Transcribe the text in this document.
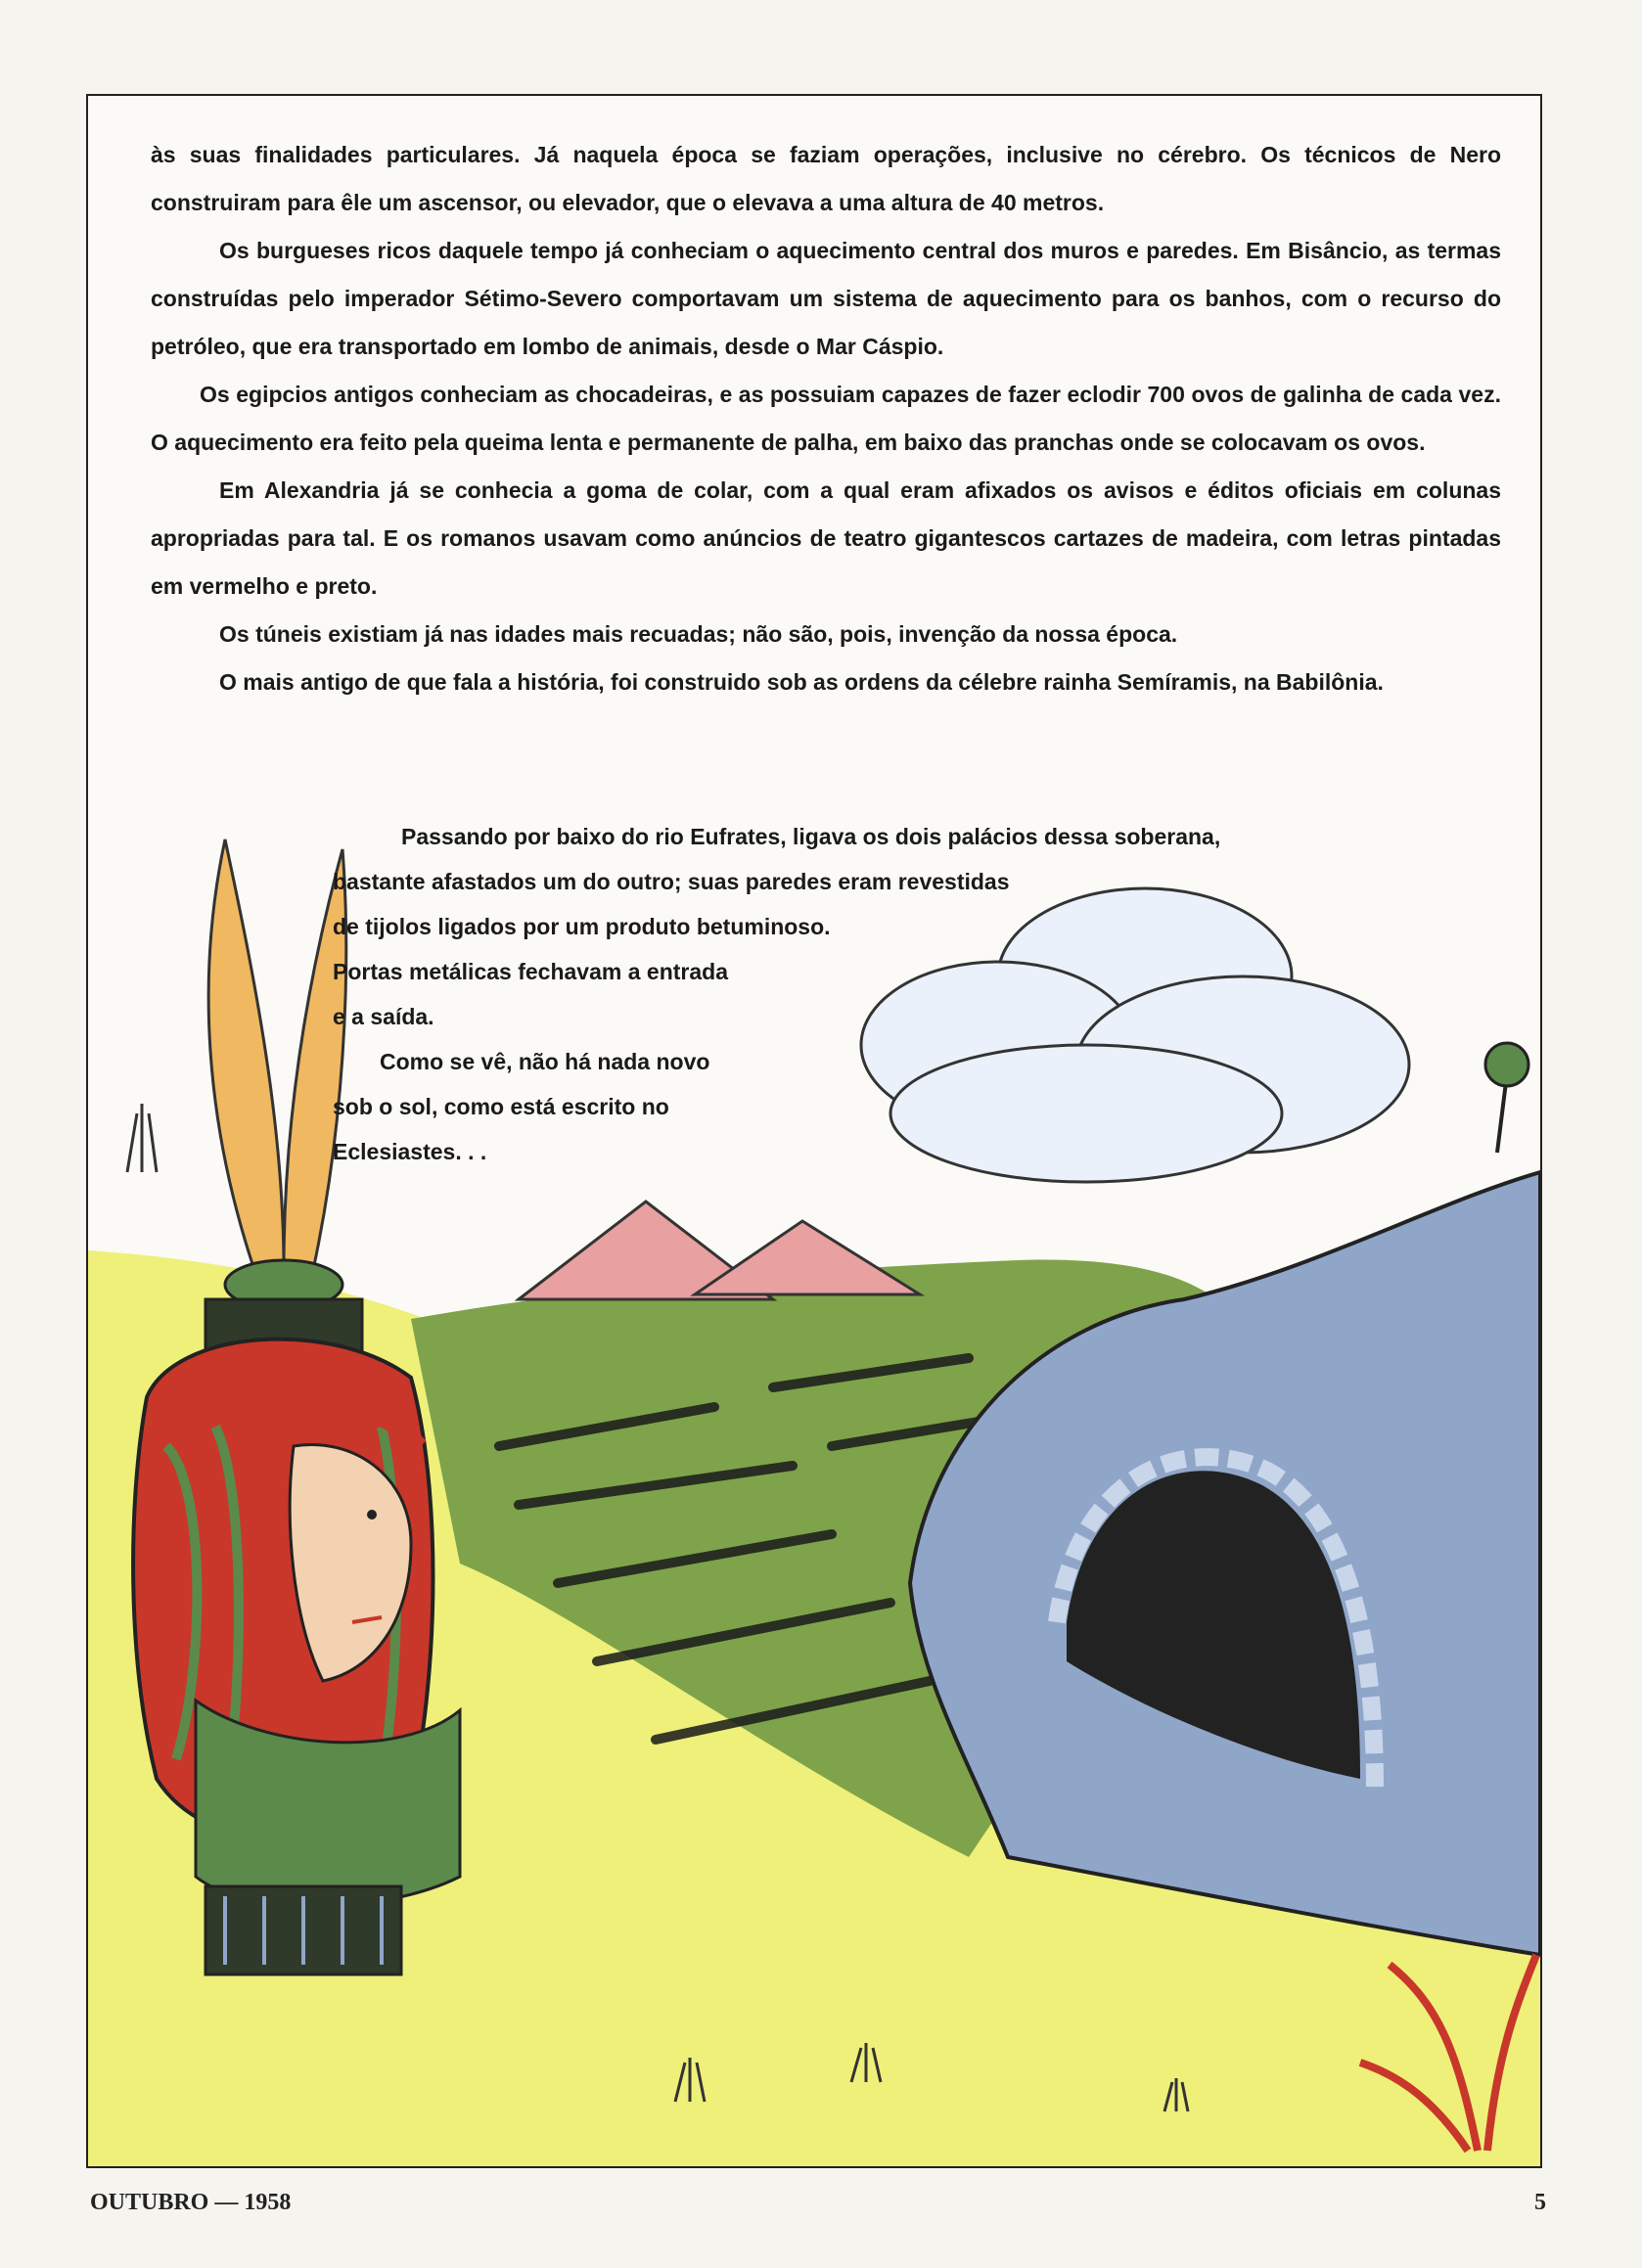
às suas finalidades particulares. Já naquela época se faziam operações, inclusive no cérebro. Os técnicos de Nero construiram para êle um ascensor, ou elevador, que o elevava a uma altura de 40 metros.

Os burgueses ricos daquele tempo já conheciam o aquecimento central dos muros e paredes. Em Bisâncio, as termas construídas pelo imperador Sétimo-Severo comportavam um sistema de aquecimento para os banhos, com o recurso do petróleo, que era transportado em lombo de animais, desde o Mar Cáspio.

Os egipcios antigos conheciam as chocadeiras, e as possuiam capazes de fazer eclodir 700 ovos de galinha de cada vez. O aquecimento era feito pela queima lenta e permanente de palha, em baixo das pranchas onde se colocavam os ovos.

Em Alexandria já se conhecia a goma de colar, com a qual eram afixados os avisos e éditos oficiais em colunas apropriadas para tal. E os romanos usavam como anúncios de teatro gigantescos cartazes de madeira, com letras pintadas em vermelho e preto.

Os túneis existiam já nas idades mais recuadas; não são, pois, invenção da nossa época.

O mais antigo de que fala a história, foi construido sob as ordens da célebre rainha Semíramis, na Babilônia.

Passando por baixo do rio Eufrates, ligava os dois palácios dessa soberana,

bastante afastados um do outro; suas paredes eram revestidas de tijolos ligados por um produto betuminoso.

Portas metálicas fechavam a entrada e a saída.

Como se vê, não há nada novo sob o sol, como está escrito no Eclesiastes. . .

OUTUBRO — 1958	5
